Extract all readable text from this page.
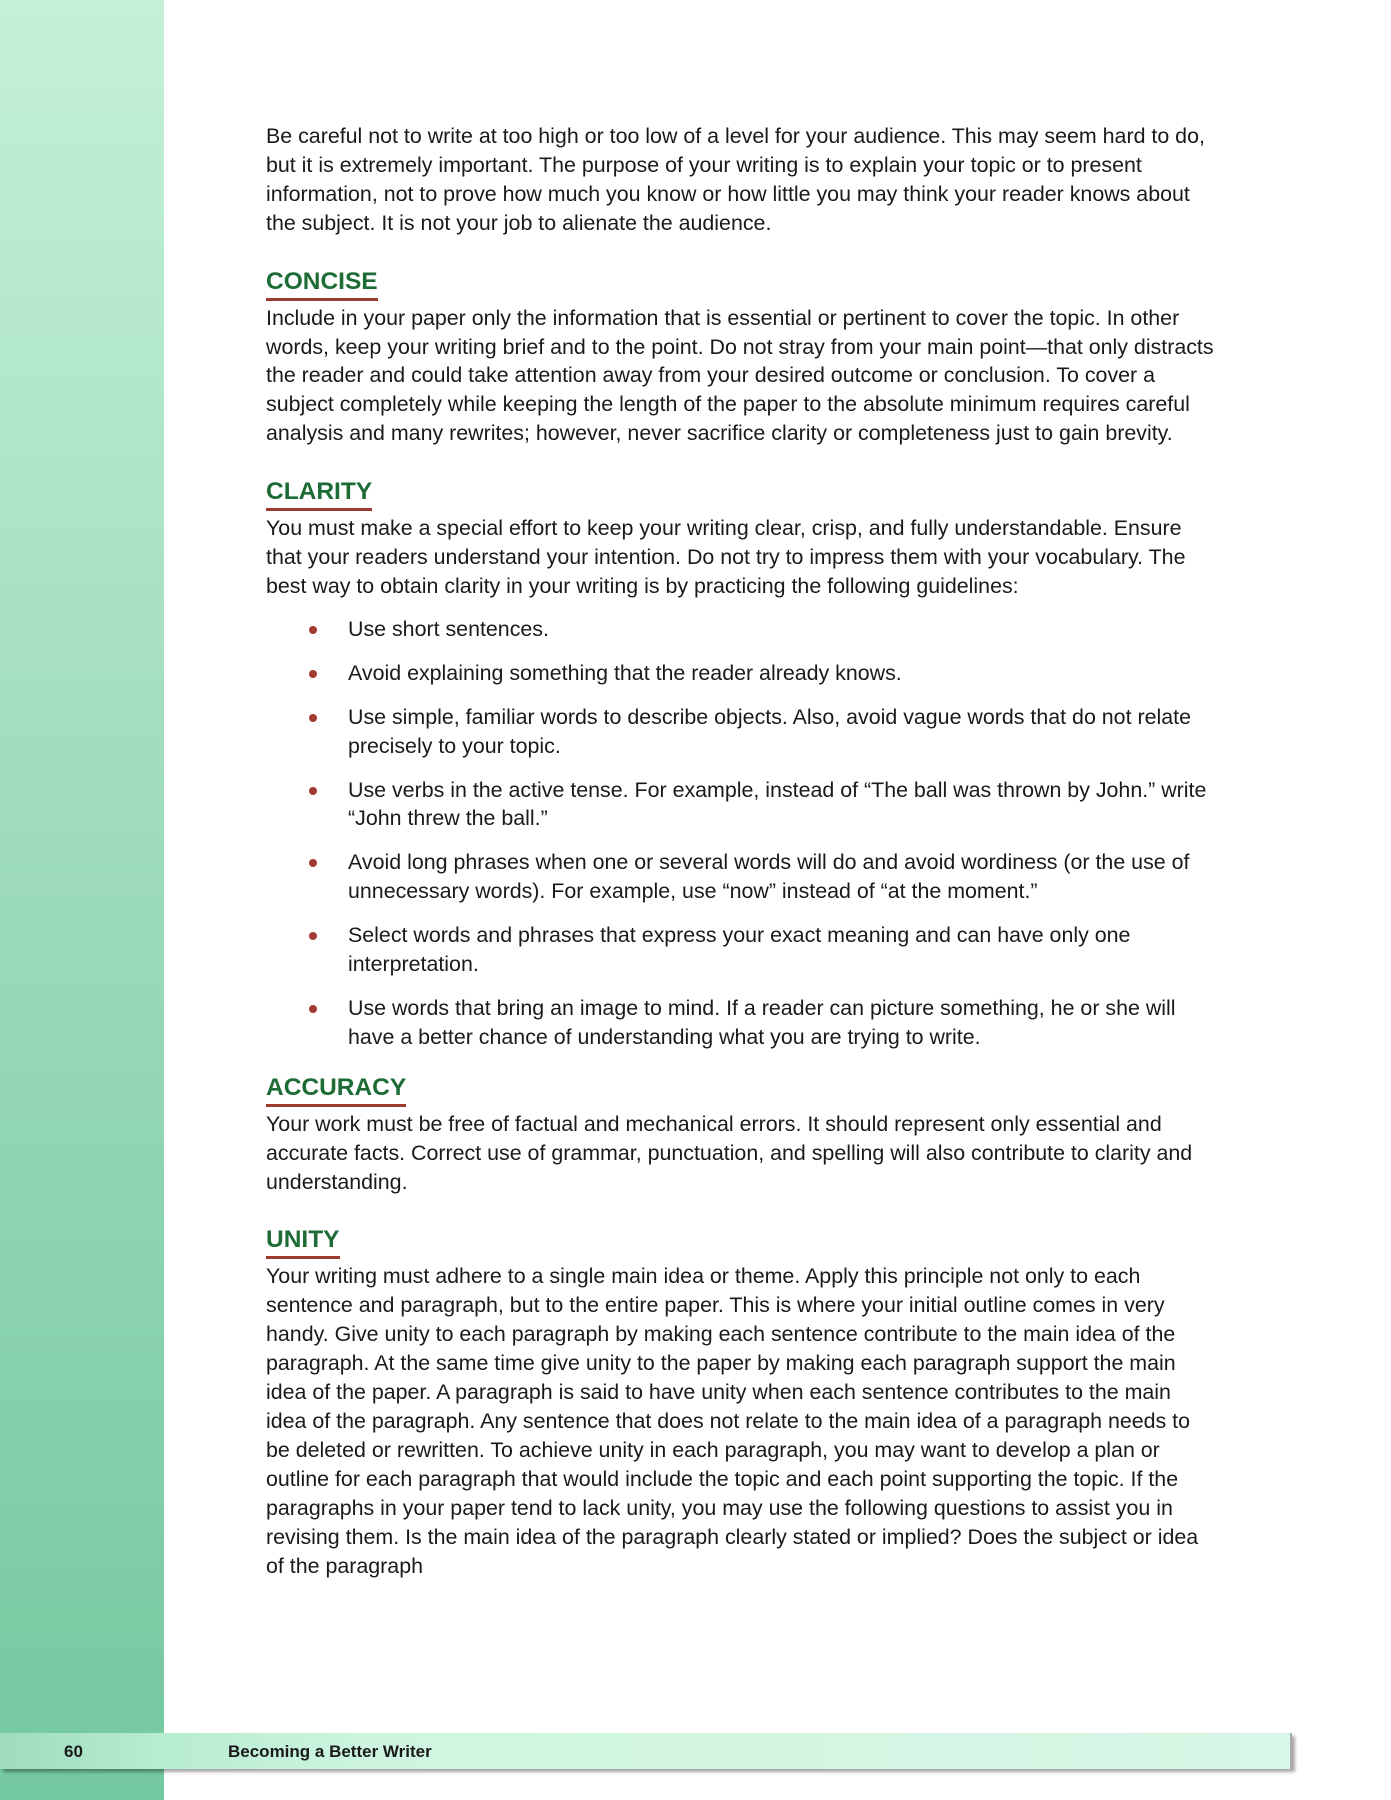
Be careful not to write at too high or too low of a level for your audience. This may seem hard to do, but it is extremely important. The purpose of your writing is to explain your topic or to present information, not to prove how much you know or how little you may think your reader knows about the subject. It is not your job to alienate the audience.

CONCISE

Include in your paper only the information that is essential or pertinent to cover the topic. In other words, keep your writing brief and to the point. Do not stray from your main point—that only distracts the reader and could take attention away from your desired outcome or conclusion. To cover a subject completely while keeping the length of the paper to the absolute minimum requires careful analysis and many rewrites; however, never sacrifice clarity or completeness just to gain brevity.

CLARITY

You must make a special effort to keep your writing clear, crisp, and fully understandable. Ensure that your readers understand your intention. Do not try to impress them with your vocabulary. The best way to obtain clarity in your writing is by practicing the following guidelines:

Use short sentences.
Avoid explaining something that the reader already knows.
Use simple, familiar words to describe objects. Also, avoid vague words that do not relate precisely to your topic.
Use verbs in the active tense. For example, instead of “The ball was thrown by John.” write “John threw the ball.”
Avoid long phrases when one or several words will do and avoid wordiness (or the use of unnecessary words). For example, use “now” instead of “at the moment.”
Select words and phrases that express your exact meaning and can have only one interpretation.
Use words that bring an image to mind. If a reader can picture something, he or she will have a better chance of understanding what you are trying to write.
ACCURACY

Your work must be free of factual and mechanical errors. It should represent only essential and accurate facts. Correct use of grammar, punctuation, and spelling will also contribute to clarity and understanding.

UNITY

Your writing must adhere to a single main idea or theme. Apply this principle not only to each sentence and paragraph, but to the entire paper. This is where your initial outline comes in very handy. Give unity to each paragraph by making each sentence contribute to the main idea of the paragraph. At the same time give unity to the paper by making each paragraph support the main idea of the paper. A paragraph is said to have unity when each sentence contributes to the main idea of the paragraph. Any sentence that does not relate to the main idea of a paragraph needs to be deleted or rewritten. To achieve unity in each paragraph, you may want to develop a plan or outline for each paragraph that would include the topic and each point supporting the topic. If the paragraphs in your paper tend to lack unity, you may use the following questions to assist you in revising them. Is the main idea of the paragraph clearly stated or implied? Does the subject or idea of the paragraph

60	Becoming a Better Writer
